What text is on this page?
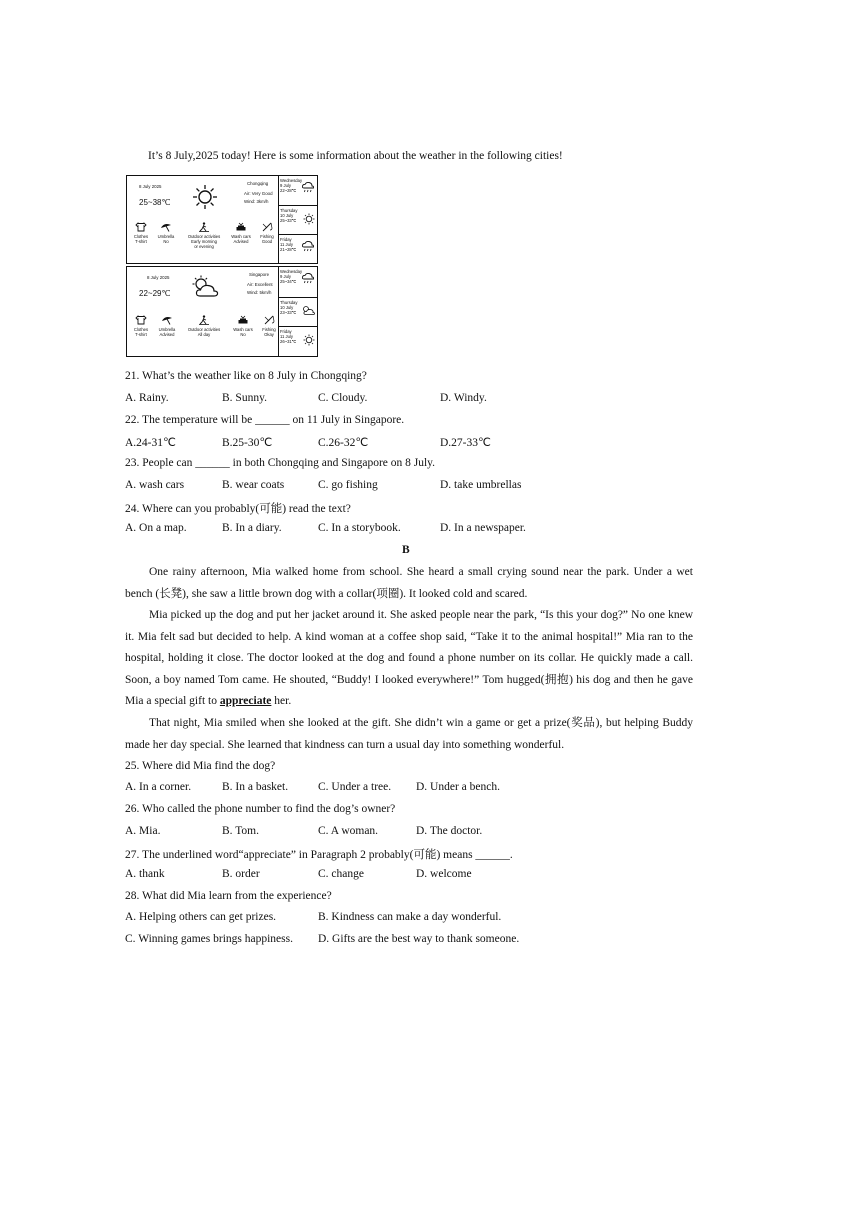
It’s 8 July,2025 today! Here is some information about the weather in the following cities!
8 July 2025
25~38℃
Chongqing
Air: Very Good
Wind: 3km/h
Clothes
T-shirt
Umbrella
No
Outdoor activities
Early morning
or evening
Wash cars
Advised
Fishing
Good
Wednesday
9 July
22~28℃
Thursday
10 July
25~33℃
Friday
11 July
21~28℃
8 July 2025
22~29℃
Singapore
Air: Excellent
Wind: 5km/h
Clothes
T-shirt
Umbrella
Advised
Outdoor activities
All day
Wash cars
No
Fishing
Okay
Wednesday
9 July
25~34℃
Thursday
10 July
23~33℃
Friday
11 July
26~31℃
21. What’s the weather like on 8 July in Chongqing?
A. Rainy.	B. Sunny.	C. Cloudy.	D. Windy.
22. The temperature will be ______ on 11 July in Singapore.
A.24-31℃	B.25-30℃	C.26-32℃	D.27-33℃
23. People can ______ in both Chongqing and Singapore on 8 July.
A. wash cars	B. wear coats	C. go fishing	D. take umbrellas
24. Where can you probably(可能) read the text?
A. On a map.	B. In a diary.	C. In a storybook.	D. In a newspaper.
B
One rainy afternoon, Mia walked home from school. She heard a small crying sound near the park. Under a wet bench (长凳), she saw a little brown dog with a collar(项圈). It looked cold and scared.
Mia picked up the dog and put her jacket around it. She asked people near the park, “Is this your dog?” No one knew it. Mia felt sad but decided to help. A kind woman at a coffee shop said, “Take it to the animal hospital!” Mia ran to the hospital, holding it close. The doctor looked at the dog and found a phone number on its collar. He quickly made a call. Soon, a boy named Tom came. He shouted, “Buddy! I looked everywhere!” Tom hugged(拥抱) his dog and then he gave Mia a special gift to appreciate her.
That night, Mia smiled when she looked at the gift. She didn’t win a game or get a prize(奖品), but helping Buddy made her day special. She learned that kindness can turn a usual day into something wonderful.
25. Where did Mia find the dog?
A. In a corner.	B. In a basket.	C. Under a tree. D. Under a bench.
26. Who called the phone number to find the dog’s owner?
A. Mia.	B. Tom.	C. A woman.	D. The doctor.
27. The underlined word“appreciate” in Paragraph 2 probably(可能) means ______.
A. thank	B. order	C. change	D. welcome
28. What did Mia learn from the experience?
A. Helping others can get prizes.	B. Kindness can make a day wonderful.
C. Winning games brings happiness. D. Gifts are the best way to thank someone.
